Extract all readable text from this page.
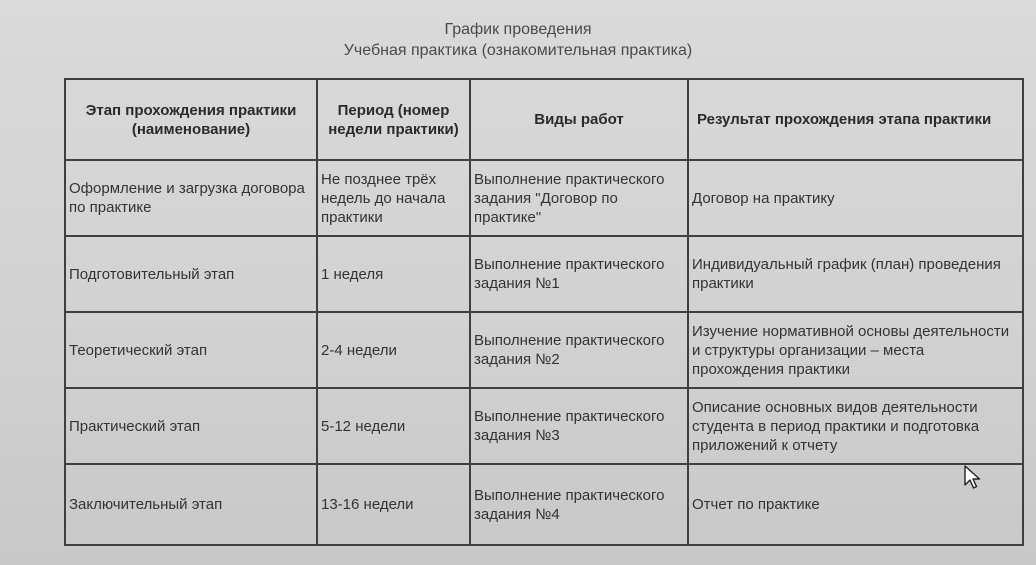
График проведения
Учебная практика (ознакомительная практика)
Этап прохождения практики (наименование)	Период (номер недели практики)	Виды работ	Результат прохождения этапа практики
Оформление и загрузка договора по практике	Не позднее трёх недель до начала практики	Выполнение практического задания "Договор по практике"	Договор на практику
Подготовительный этап	1 неделя	Выполнение практического задания №1	Индивидуальный график (план) проведения практики
Теоретический этап	2-4 недели	Выполнение практического задания №2	Изучение нормативной основы деятельности и структуры организации – места прохождения практики
Практический этап	5-12 недели	Выполнение практического задания №3	Описание основных видов деятельности студента в период практики и подготовка приложений к отчету
Заключительный этап	13-16 недели	Выполнение практического задания №4	Отчет по практике
